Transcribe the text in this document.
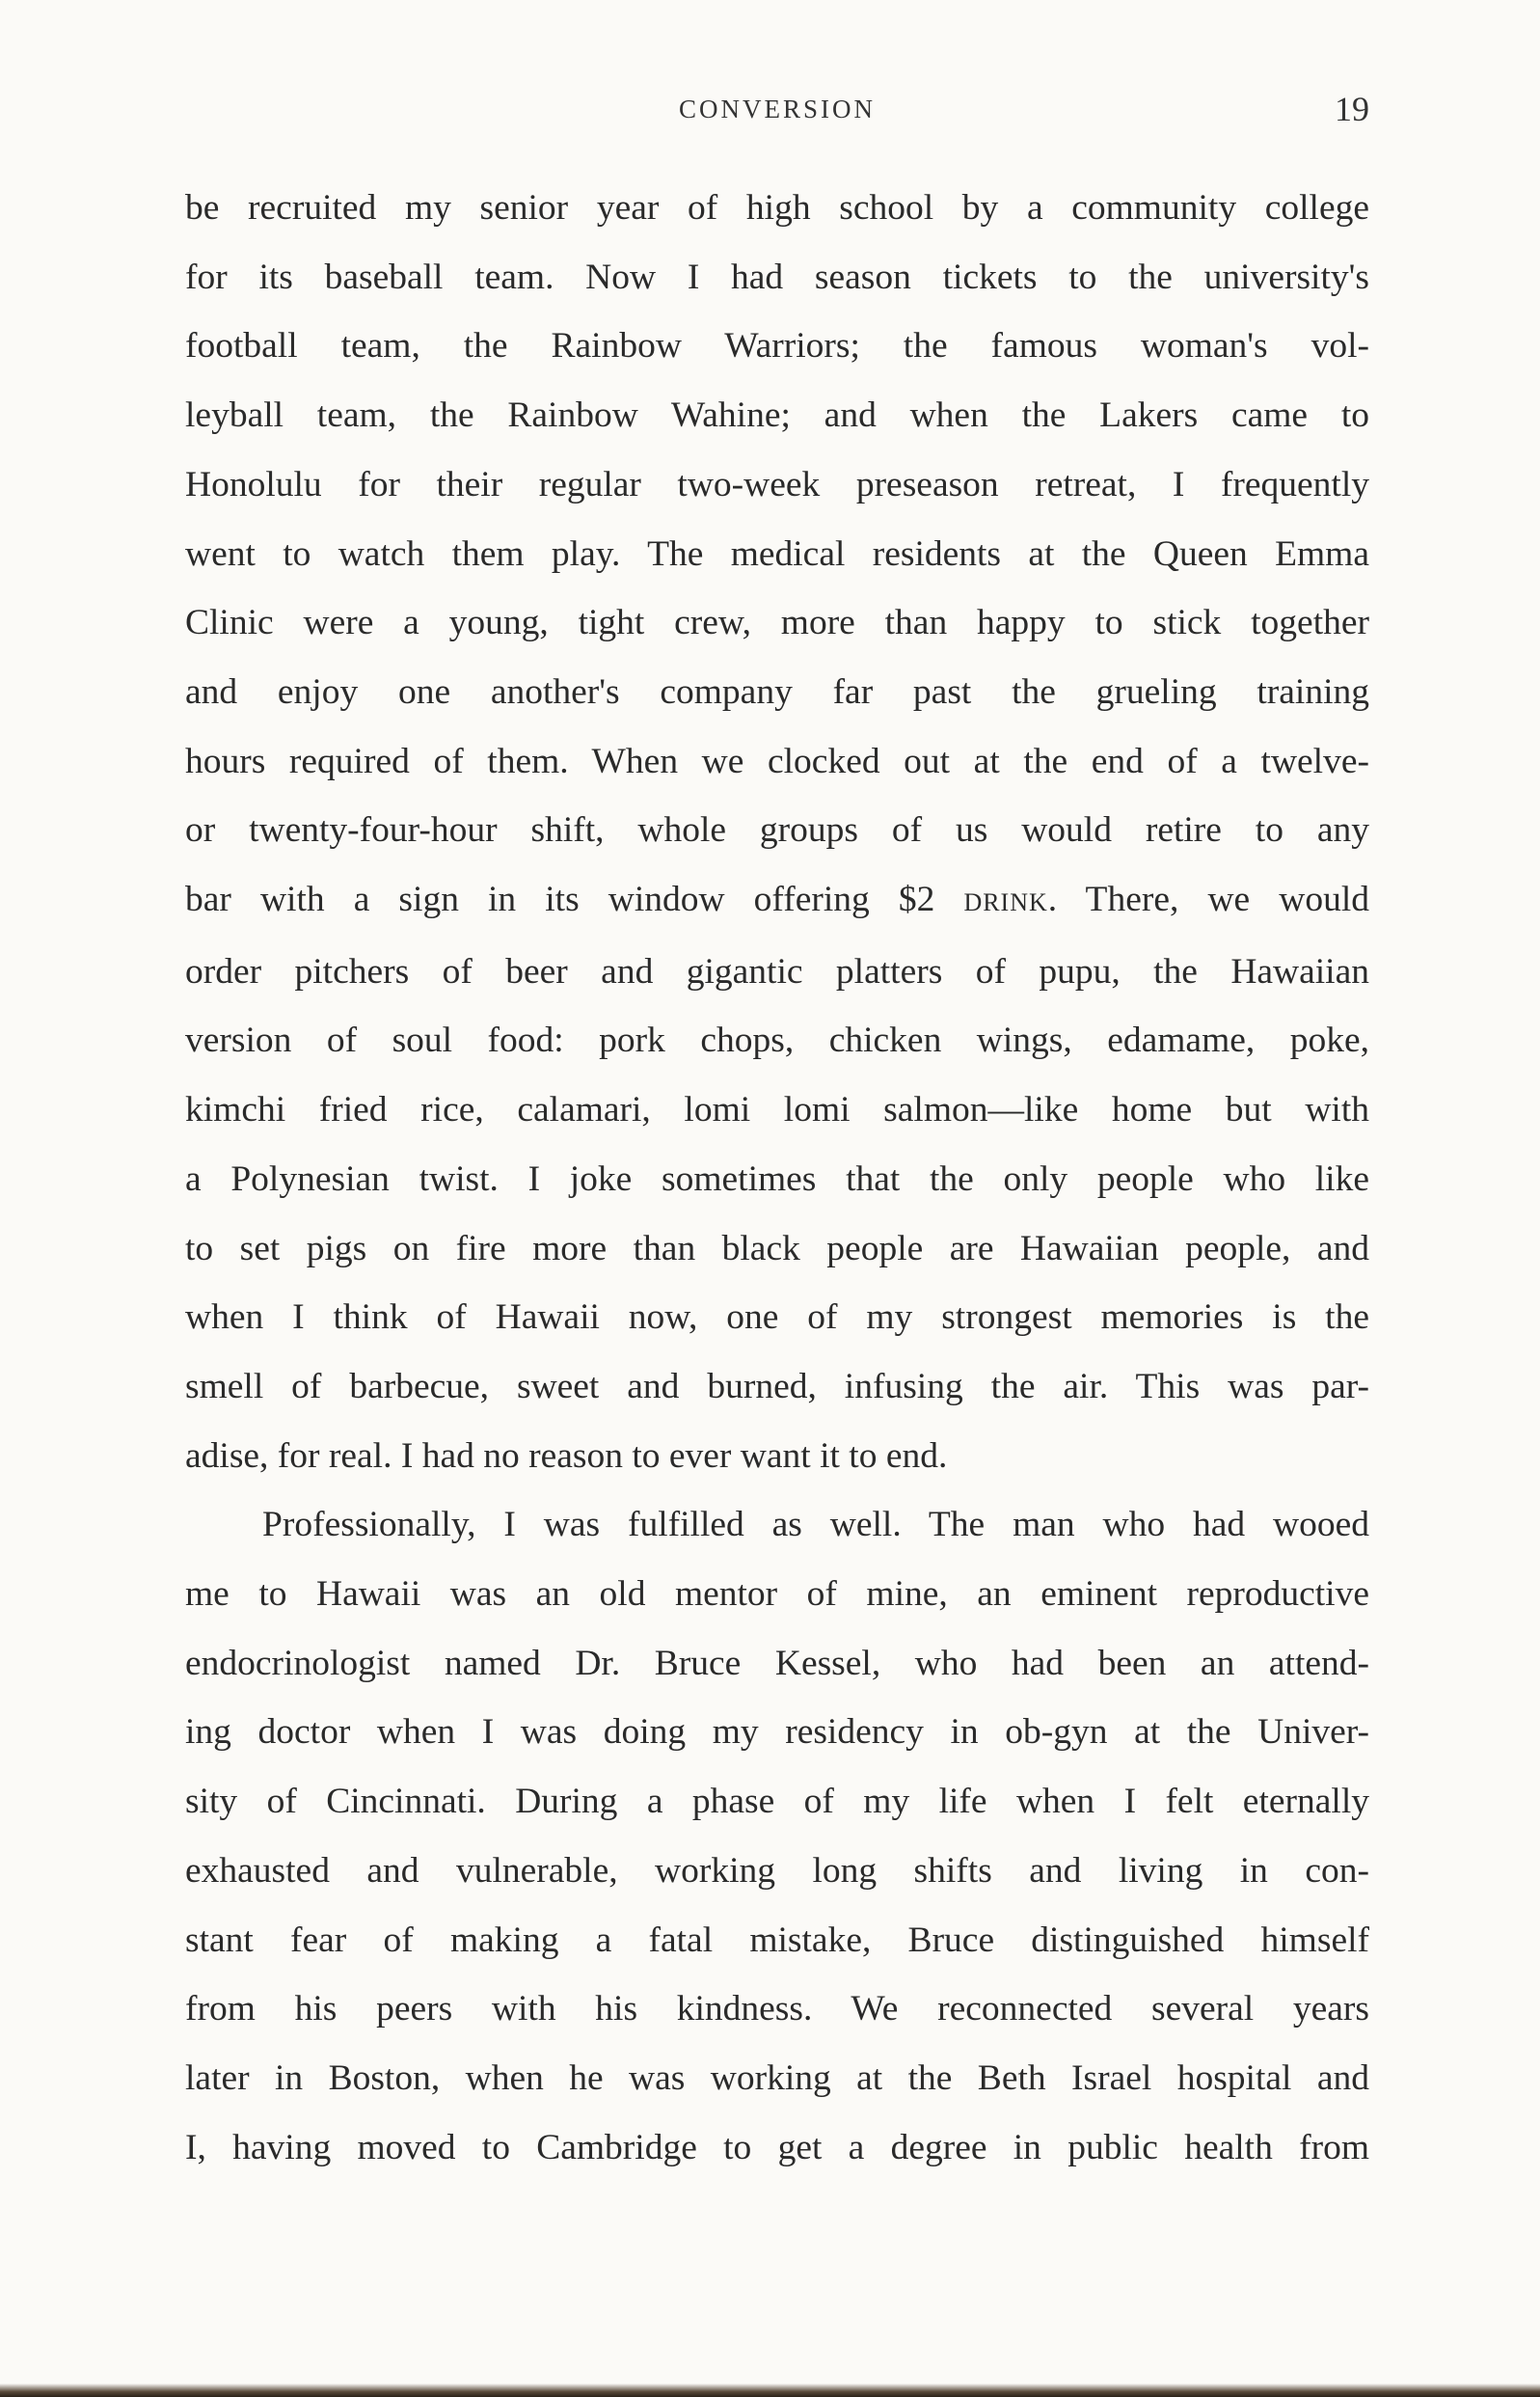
CONVERSION	19

be recruited my senior year of high school by a community college

for its baseball team. Now I had season tickets to the university's

football team, the Rainbow Warriors; the famous woman's vol-

leyball team, the Rainbow Wahine; and when the Lakers came to

Honolulu for their regular two-week preseason retreat, I frequently

went to watch them play. The medical residents at the Queen Emma

Clinic were a young, tight crew, more than happy to stick together

and enjoy one another's company far past the grueling training

hours required of them. When we clocked out at the end of a twelve-

or twenty-four-hour shift, whole groups of us would retire to any

bar with a sign in its window offering $2 DRINK. There, we would

order pitchers of beer and gigantic platters of pupu, the Hawaiian

version of soul food: pork chops, chicken wings, edamame, poke,

kimchi fried rice, calamari, lomi lomi salmon—like home but with

a Polynesian twist. I joke sometimes that the only people who like

to set pigs on fire more than black people are Hawaiian people, and

when I think of Hawaii now, one of my strongest memories is the

smell of barbecue, sweet and burned, infusing the air. This was par-

adise, for real. I had no reason to ever want it to end.

Professionally, I was fulfilled as well. The man who had wooed

me to Hawaii was an old mentor of mine, an eminent reproductive

endocrinologist named Dr. Bruce Kessel, who had been an attend-

ing doctor when I was doing my residency in ob-gyn at the Univer-

sity of Cincinnati. During a phase of my life when I felt eternally

exhausted and vulnerable, working long shifts and living in con-

stant fear of making a fatal mistake, Bruce distinguished himself

from his peers with his kindness. We reconnected several years

later in Boston, when he was working at the Beth Israel hospital and

I, having moved to Cambridge to get a degree in public health from
